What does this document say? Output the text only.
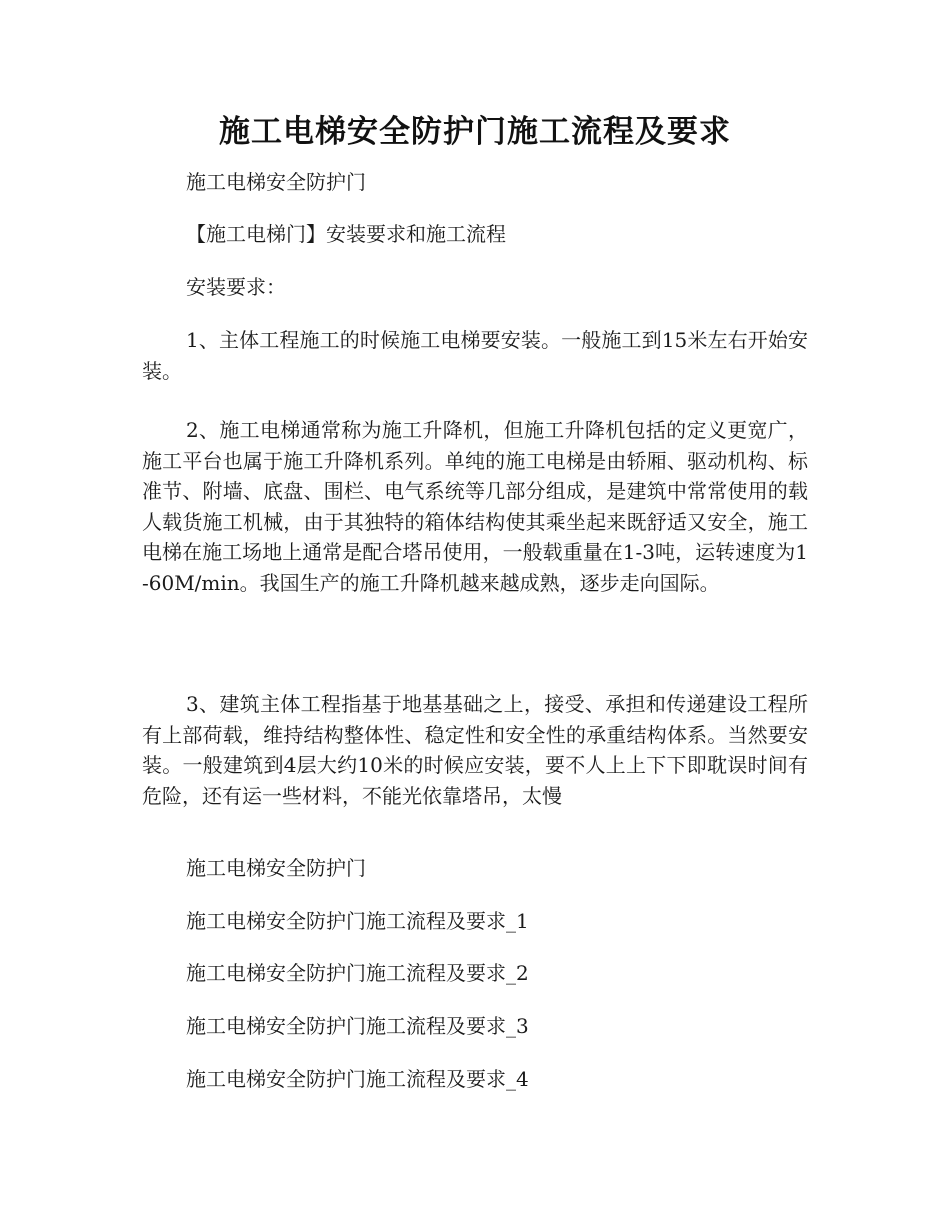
施工电梯安全防护门施工流程及要求
施工电梯安全防护门
【施工电梯门】安装要求和施工流程
安装要求：
1、主体工程施工的时候施工电梯要安装。一般施工到15米左右开始安装。
2、施工电梯通常称为施工升降机，但施工升降机包括的定义更宽广，施工平台也属于施工升降机系列。单纯的施工电梯是由轿厢、驱动机构、标准节、附墙、底盘、围栏、电气系统等几部分组成，是建筑中常常使用的载人载货施工机械，由于其独特的箱体结构使其乘坐起来既舒适又安全，施工电梯在施工场地上通常是配合塔吊使用，一般载重量在1-3吨，运转速度为1-60M/min。我国生产的施工升降机越来越成熟，逐步走向国际。
3、建筑主体工程指基于地基基础之上，接受、承担和传递建设工程所有上部荷载，维持结构整体性、稳定性和安全性的承重结构体系。当然要安装。一般建筑到4层大约10米的时候应安装，要不人上上下下即耽误时间有危险，还有运一些材料，不能光依靠塔吊，太慢
施工电梯安全防护门
施工电梯安全防护门施工流程及要求_1
施工电梯安全防护门施工流程及要求_2
施工电梯安全防护门施工流程及要求_3
施工电梯安全防护门施工流程及要求_4
